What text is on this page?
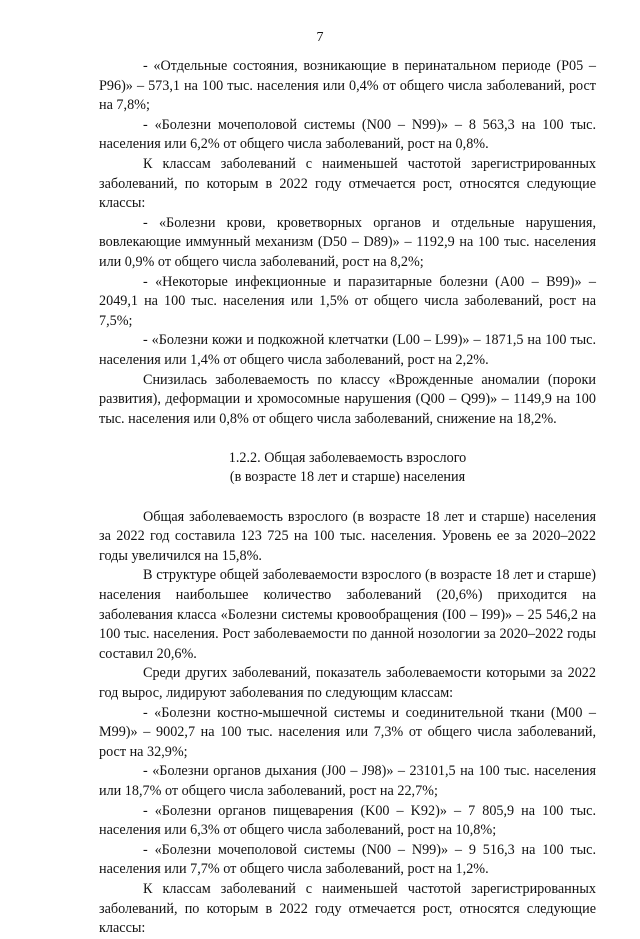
7

- «Отдельные состояния, возникающие в перинатальном периоде (P05 – P96)» – 573,1 на 100 тыс. населения или 0,4% от общего числа заболеваний, рост на 7,8%;

- «Болезни мочеполовой системы (N00 – N99)» – 8 563,3 на 100 тыс. населения или 6,2% от общего числа заболеваний, рост на 0,8%.

К классам заболеваний с наименьшей частотой зарегистрированных заболеваний, по которым в 2022 году отмечается рост, относятся следующие классы:

- «Болезни крови, кроветворных органов и отдельные нарушения, вовлекающие иммунный механизм (D50 – D89)» – 1192,9 на 100 тыс. населения или 0,9% от общего числа заболеваний, рост на 8,2%;

- «Некоторые инфекционные и паразитарные болезни (A00 – B99)» – 2049,1 на 100 тыс. населения или 1,5% от общего числа заболеваний, рост на 7,5%;

- «Болезни кожи и подкожной клетчатки (L00 – L99)» – 1871,5 на 100 тыс. населения или 1,4% от общего числа заболеваний, рост на 2,2%.

Снизилась заболеваемость по классу «Врожденные аномалии (пороки развития), деформации и хромосомные нарушения (Q00 – Q99)» – 1149,9 на 100 тыс. населения или 0,8% от общего числа заболеваний, снижение на 18,2%.

1.2.2. Общая заболеваемость взрослого

(в возрасте 18 лет и старше) населения

Общая заболеваемость взрослого (в возрасте 18 лет и старше) населения за 2022 год составила 123 725 на 100 тыс. населения. Уровень ее за 2020–2022 годы увеличился на 15,8%.

В структуре общей заболеваемости взрослого (в возрасте 18 лет и старше) населения наибольшее количество заболеваний (20,6%) приходится на заболевания класса «Болезни системы кровообращения (I00 – I99)» – 25 546,2 на 100 тыс. населения. Рост заболеваемости по данной нозологии за 2020–2022 годы составил 20,6%.

Среди других заболеваний, показатель заболеваемости которыми за 2022 год вырос, лидируют заболевания по следующим классам:

- «Болезни костно-мышечной системы и соединительной ткани (M00 – M99)» – 9002,7 на 100 тыс. населения или 7,3% от общего числа заболеваний, рост на 32,9%;

- «Болезни органов дыхания (J00 – J98)» – 23101,5 на 100 тыс. населения или 18,7% от общего числа заболеваний, рост на 22,7%;

- «Болезни органов пищеварения (K00 – K92)» – 7 805,9 на 100 тыс. населения или 6,3% от общего числа заболеваний, рост на 10,8%;

- «Болезни мочеполовой системы (N00 – N99)» – 9 516,3 на 100 тыс. населения или 7,7% от общего числа заболеваний, рост на 1,2%.

К классам заболеваний с наименьшей частотой зарегистрированных заболеваний, по которым в 2022 году отмечается рост, относятся следующие классы:
